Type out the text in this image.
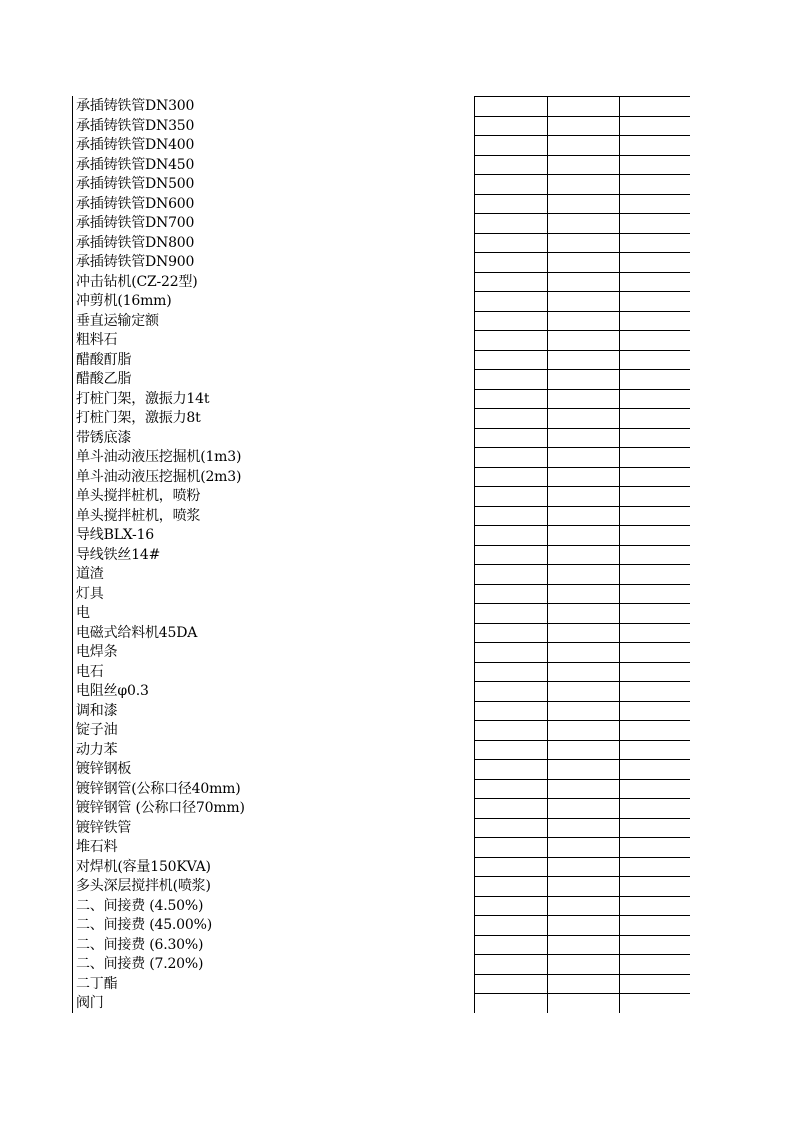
承插铸铁管DN300
承插铸铁管DN350
承插铸铁管DN400
承插铸铁管DN450
承插铸铁管DN500
承插铸铁管DN600
承插铸铁管DN700
承插铸铁管DN800
承插铸铁管DN900
冲击钻机(CZ-22型)
冲剪机(16mm)
垂直运输定额
粗料石
醋酸酊脂
醋酸乙脂
打桩门架，激振力14t
打桩门架，激振力8t
带锈底漆
单斗油动液压挖掘机(1m3)
单斗油动液压挖掘机(2m3)
单头搅拌桩机，喷粉
单头搅拌桩机，喷浆
导线BLX-16
导线铁丝14#
道渣
灯具
电
电磁式给料机45DA
电焊条
电石
电阻丝φ0.3
调和漆
锭子油
动力苯
镀锌钢板
镀锌钢管(公称口径40mm)
镀锌钢管 (公称口径70mm)
镀锌铁管
堆石料
对焊机(容量150KVA)
多头深层搅拌机(喷浆)
二、间接费 (4.50%)
二、间接费 (45.00%)
二、间接费 (6.30%)
二、间接费 (7.20%)
二丁酯
阀门
